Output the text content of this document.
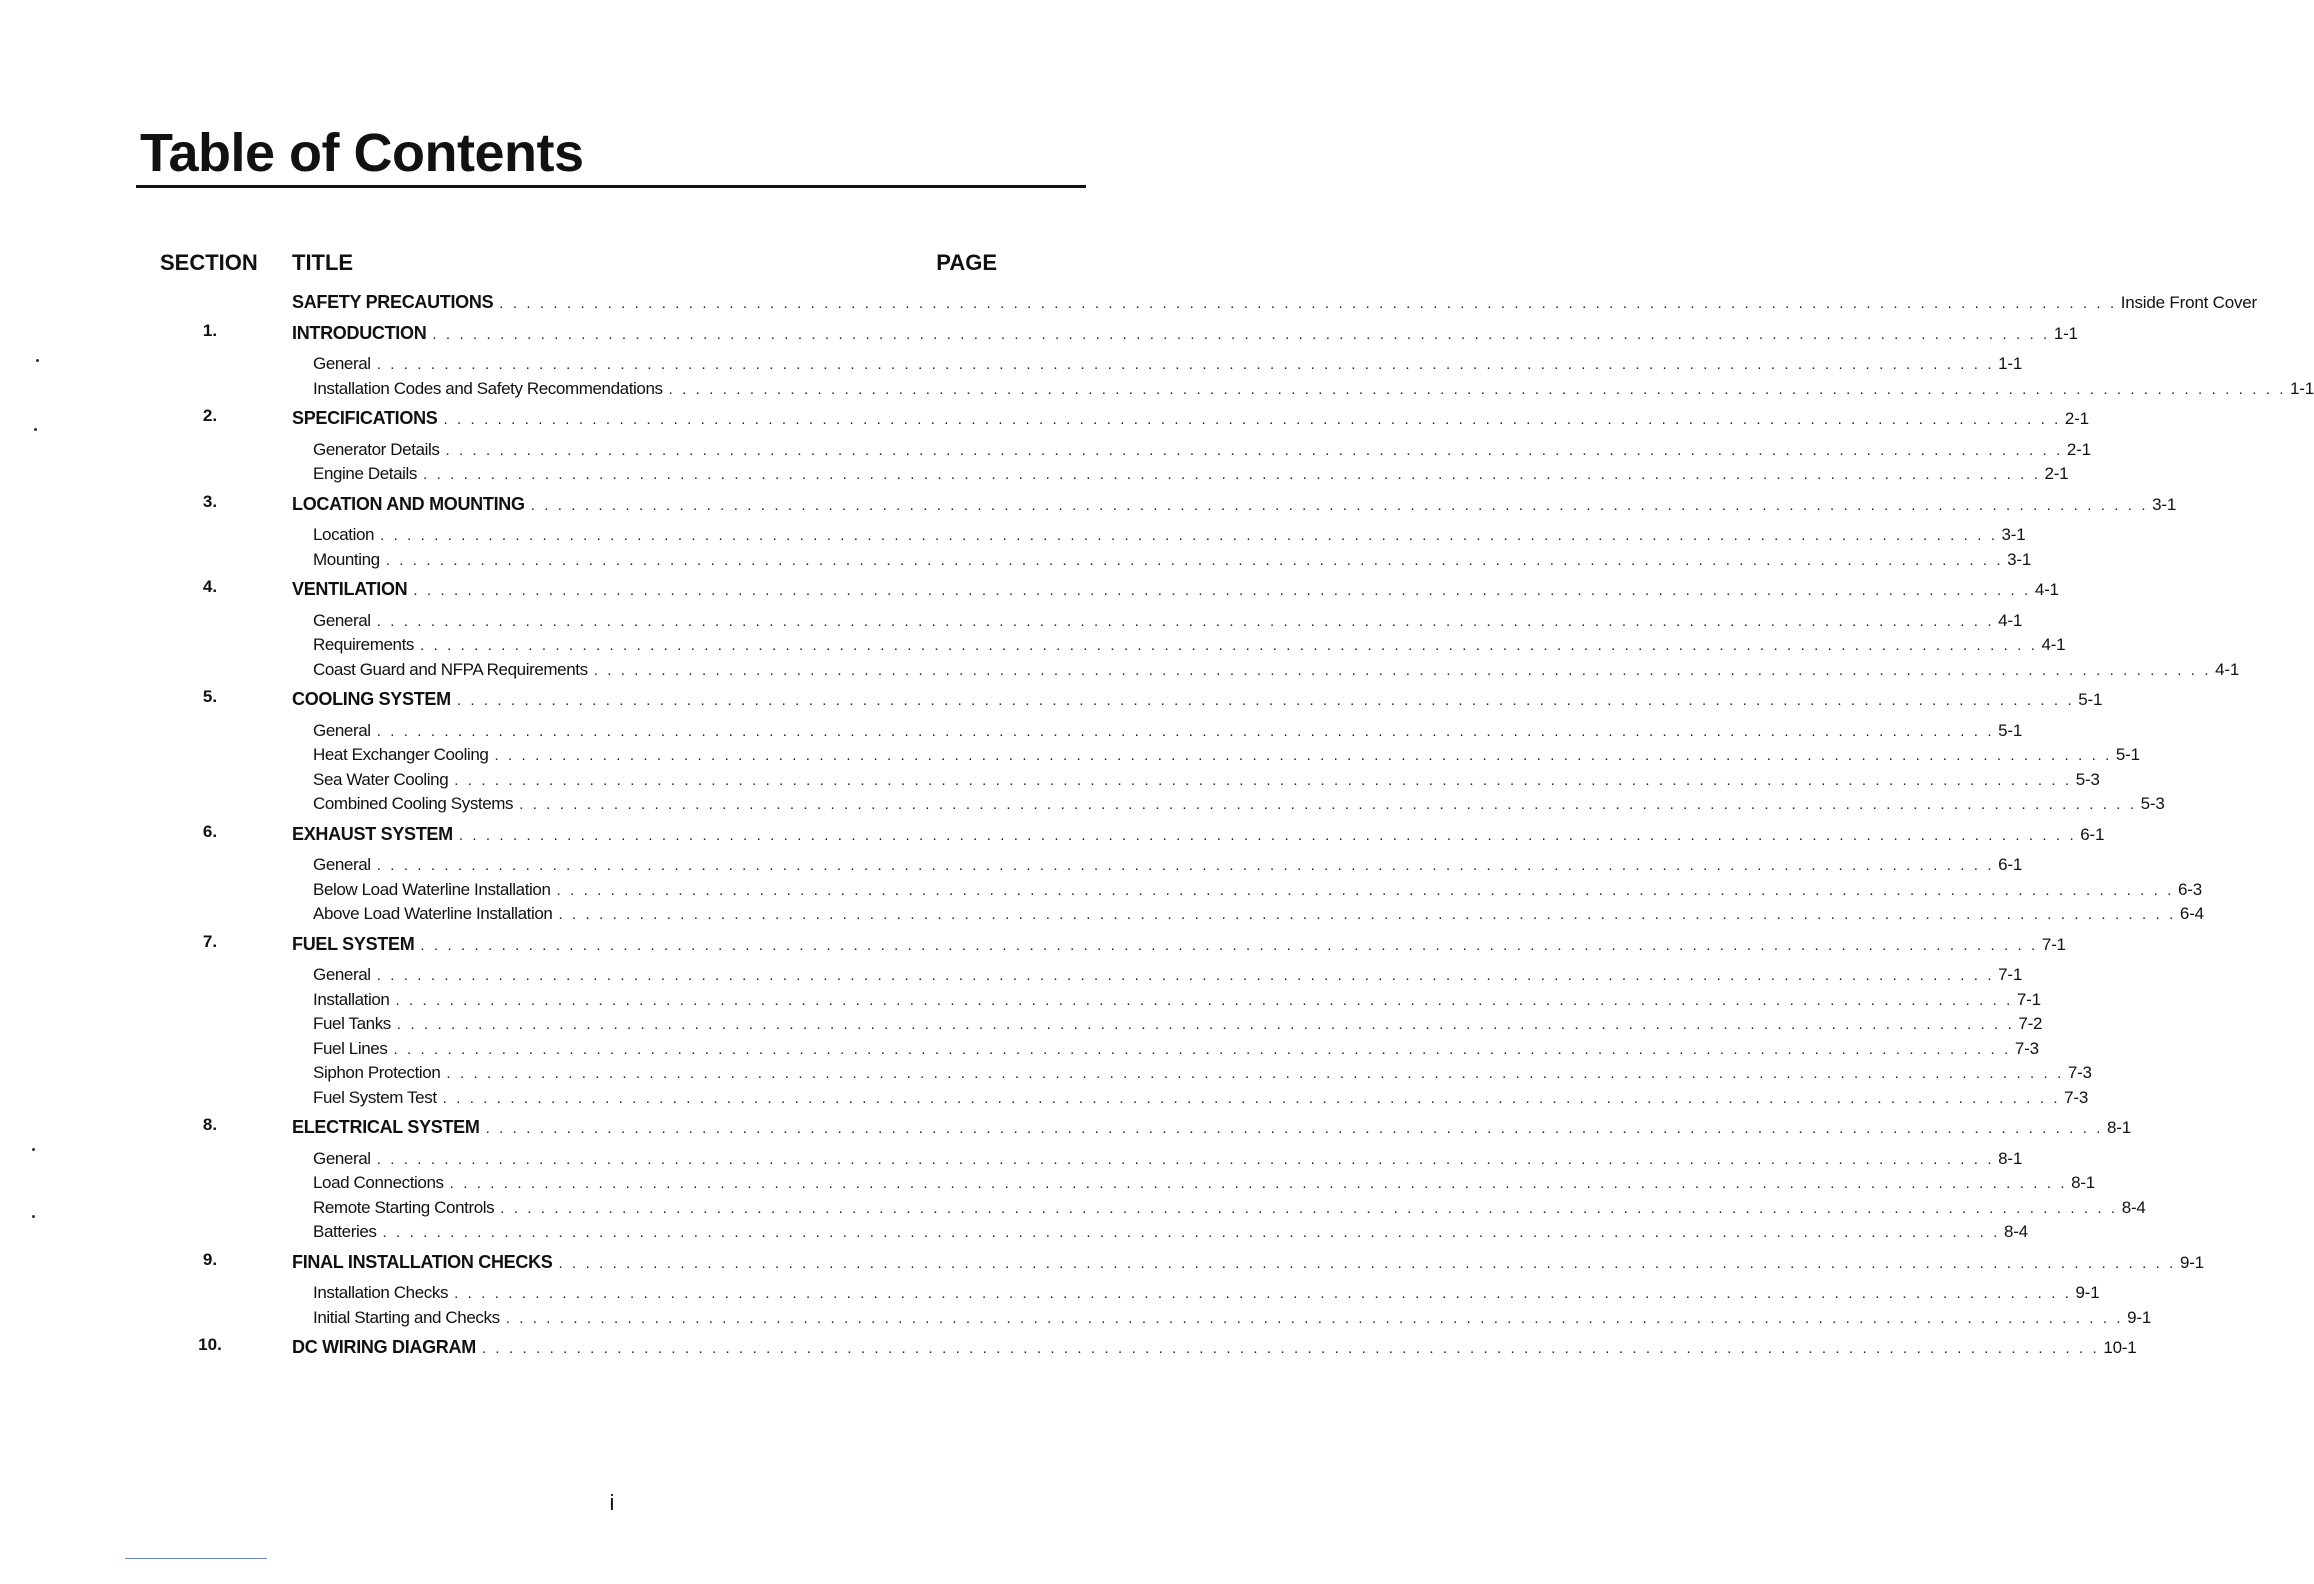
Table of Contents
SECTION TITLE	PAGE
SAFETY PRECAUTIONS . . . . . . . . . . . . . . . . . . . . . . . . . . . . . . . . . . . . . . . . . . . . . . . . . . . . . . . . . . . . . . . . . . . . . . . . . . . . . . . . . . . . . . . . . . . . . . . . . . . . . . . . . . . . . . . . . . . . . . . . Inside Front Cover
1.	INTRODUCTION . . . . . . . . . . . . . . . . . . . . . . . . . . . . . . . . . . . . . . . . . . . . . . . . . . . . . . . . . . . . . . . . . . . . . . . . . . . . . . . . . . . . . . . . . . . . . . . . . . . . . . . . . . . . . . . . . . . . . . . . 1-1
General . . . . . . . . . . . . . . . . . . . . . . . . . . . . . . . . . . . . . . . . . . . . . . . . . . . . . . . . . . . . . . . . . . . . . . . . . . . . . . . . . . . . . . . . . . . . . . . . . . . . . . . . . . . . . . . . . . . . . . . . 1-1
Installation Codes and Safety Recommendations . . . . . . . . . . . . . . . . . . . . . . . . . . . . . . . . . . . . . . . . . . . . . . . . . . . . . . . . . . . . . . . . . . . . . . . . . . . . . . . . . . . . . . . . . . . . . . . . . . . . . . . . . . . . . . . . . . . . . . . . 1-1
2.	SPECIFICATIONS . . . . . . . . . . . . . . . . . . . . . . . . . . . . . . . . . . . . . . . . . . . . . . . . . . . . . . . . . . . . . . . . . . . . . . . . . . . . . . . . . . . . . . . . . . . . . . . . . . . . . . . . . . . . . . . . . . . . . . . . 2-1
Generator Details . . . . . . . . . . . . . . . . . . . . . . . . . . . . . . . . . . . . . . . . . . . . . . . . . . . . . . . . . . . . . . . . . . . . . . . . . . . . . . . . . . . . . . . . . . . . . . . . . . . . . . . . . . . . . . . . . . . . . . . . 2-1
Engine Details . . . . . . . . . . . . . . . . . . . . . . . . . . . . . . . . . . . . . . . . . . . . . . . . . . . . . . . . . . . . . . . . . . . . . . . . . . . . . . . . . . . . . . . . . . . . . . . . . . . . . . . . . . . . . . . . . . . . . . . . 2-1
3.	LOCATION AND MOUNTING . . . . . . . . . . . . . . . . . . . . . . . . . . . . . . . . . . . . . . . . . . . . . . . . . . . . . . . . . . . . . . . . . . . . . . . . . . . . . . . . . . . . . . . . . . . . . . . . . . . . . . . . . . . . . . . . . . . . . . . . 3-1
Location . . . . . . . . . . . . . . . . . . . . . . . . . . . . . . . . . . . . . . . . . . . . . . . . . . . . . . . . . . . . . . . . . . . . . . . . . . . . . . . . . . . . . . . . . . . . . . . . . . . . . . . . . . . . . . . . . . . . . . . . 3-1
Mounting . . . . . . . . . . . . . . . . . . . . . . . . . . . . . . . . . . . . . . . . . . . . . . . . . . . . . . . . . . . . . . . . . . . . . . . . . . . . . . . . . . . . . . . . . . . . . . . . . . . . . . . . . . . . . . . . . . . . . . . . 3-1
4.	VENTILATION . . . . . . . . . . . . . . . . . . . . . . . . . . . . . . . . . . . . . . . . . . . . . . . . . . . . . . . . . . . . . . . . . . . . . . . . . . . . . . . . . . . . . . . . . . . . . . . . . . . . . . . . . . . . . . . . . . . . . . . . 4-1
General . . . . . . . . . . . . . . . . . . . . . . . . . . . . . . . . . . . . . . . . . . . . . . . . . . . . . . . . . . . . . . . . . . . . . . . . . . . . . . . . . . . . . . . . . . . . . . . . . . . . . . . . . . . . . . . . . . . . . . . . 4-1
Requirements . . . . . . . . . . . . . . . . . . . . . . . . . . . . . . . . . . . . . . . . . . . . . . . . . . . . . . . . . . . . . . . . . . . . . . . . . . . . . . . . . . . . . . . . . . . . . . . . . . . . . . . . . . . . . . . . . . . . . . . . 4-1
Coast Guard and NFPA Requirements . . . . . . . . . . . . . . . . . . . . . . . . . . . . . . . . . . . . . . . . . . . . . . . . . . . . . . . . . . . . . . . . . . . . . . . . . . . . . . . . . . . . . . . . . . . . . . . . . . . . . . . . . . . . . . . . . . . . . . . . 4-1
5.	COOLING SYSTEM . . . . . . . . . . . . . . . . . . . . . . . . . . . . . . . . . . . . . . . . . . . . . . . . . . . . . . . . . . . . . . . . . . . . . . . . . . . . . . . . . . . . . . . . . . . . . . . . . . . . . . . . . . . . . . . . . . . . . . . . 5-1
General . . . . . . . . . . . . . . . . . . . . . . . . . . . . . . . . . . . . . . . . . . . . . . . . . . . . . . . . . . . . . . . . . . . . . . . . . . . . . . . . . . . . . . . . . . . . . . . . . . . . . . . . . . . . . . . . . . . . . . . . 5-1
Heat Exchanger Cooling . . . . . . . . . . . . . . . . . . . . . . . . . . . . . . . . . . . . . . . . . . . . . . . . . . . . . . . . . . . . . . . . . . . . . . . . . . . . . . . . . . . . . . . . . . . . . . . . . . . . . . . . . . . . . . . . . . . . . . . . 5-1
Sea Water Cooling . . . . . . . . . . . . . . . . . . . . . . . . . . . . . . . . . . . . . . . . . . . . . . . . . . . . . . . . . . . . . . . . . . . . . . . . . . . . . . . . . . . . . . . . . . . . . . . . . . . . . . . . . . . . . . . . . . . . . . . . 5-3
Combined Cooling Systems . . . . . . . . . . . . . . . . . . . . . . . . . . . . . . . . . . . . . . . . . . . . . . . . . . . . . . . . . . . . . . . . . . . . . . . . . . . . . . . . . . . . . . . . . . . . . . . . . . . . . . . . . . . . . . . . . . . . . . . . 5-3
6.	EXHAUST SYSTEM . . . . . . . . . . . . . . . . . . . . . . . . . . . . . . . . . . . . . . . . . . . . . . . . . . . . . . . . . . . . . . . . . . . . . . . . . . . . . . . . . . . . . . . . . . . . . . . . . . . . . . . . . . . . . . . . . . . . . . . . 6-1
General . . . . . . . . . . . . . . . . . . . . . . . . . . . . . . . . . . . . . . . . . . . . . . . . . . . . . . . . . . . . . . . . . . . . . . . . . . . . . . . . . . . . . . . . . . . . . . . . . . . . . . . . . . . . . . . . . . . . . . . . 6-1
Below Load Waterline Installation . . . . . . . . . . . . . . . . . . . . . . . . . . . . . . . . . . . . . . . . . . . . . . . . . . . . . . . . . . . . . . . . . . . . . . . . . . . . . . . . . . . . . . . . . . . . . . . . . . . . . . . . . . . . . . . . . . . . . . . . 6-3
Above Load Waterline Installation . . . . . . . . . . . . . . . . . . . . . . . . . . . . . . . . . . . . . . . . . . . . . . . . . . . . . . . . . . . . . . . . . . . . . . . . . . . . . . . . . . . . . . . . . . . . . . . . . . . . . . . . . . . . . . . . . . . . . . . . 6-4
7.	FUEL SYSTEM . . . . . . . . . . . . . . . . . . . . . . . . . . . . . . . . . . . . . . . . . . . . . . . . . . . . . . . . . . . . . . . . . . . . . . . . . . . . . . . . . . . . . . . . . . . . . . . . . . . . . . . . . . . . . . . . . . . . . . . . 7-1
General . . . . . . . . . . . . . . . . . . . . . . . . . . . . . . . . . . . . . . . . . . . . . . . . . . . . . . . . . . . . . . . . . . . . . . . . . . . . . . . . . . . . . . . . . . . . . . . . . . . . . . . . . . . . . . . . . . . . . . . . 7-1
Installation . . . . . . . . . . . . . . . . . . . . . . . . . . . . . . . . . . . . . . . . . . . . . . . . . . . . . . . . . . . . . . . . . . . . . . . . . . . . . . . . . . . . . . . . . . . . . . . . . . . . . . . . . . . . . . . . . . . . . . . . 7-1
Fuel Tanks . . . . . . . . . . . . . . . . . . . . . . . . . . . . . . . . . . . . . . . . . . . . . . . . . . . . . . . . . . . . . . . . . . . . . . . . . . . . . . . . . . . . . . . . . . . . . . . . . . . . . . . . . . . . . . . . . . . . . . . . 7-2
Fuel Lines . . . . . . . . . . . . . . . . . . . . . . . . . . . . . . . . . . . . . . . . . . . . . . . . . . . . . . . . . . . . . . . . . . . . . . . . . . . . . . . . . . . . . . . . . . . . . . . . . . . . . . . . . . . . . . . . . . . . . . . . 7-3
Siphon Protection . . . . . . . . . . . . . . . . . . . . . . . . . . . . . . . . . . . . . . . . . . . . . . . . . . . . . . . . . . . . . . . . . . . . . . . . . . . . . . . . . . . . . . . . . . . . . . . . . . . . . . . . . . . . . . . . . . . . . . . . 7-3
Fuel System Test . . . . . . . . . . . . . . . . . . . . . . . . . . . . . . . . . . . . . . . . . . . . . . . . . . . . . . . . . . . . . . . . . . . . . . . . . . . . . . . . . . . . . . . . . . . . . . . . . . . . . . . . . . . . . . . . . . . . . . . . 7-3
8.	ELECTRICAL SYSTEM . . . . . . . . . . . . . . . . . . . . . . . . . . . . . . . . . . . . . . . . . . . . . . . . . . . . . . . . . . . . . . . . . . . . . . . . . . . . . . . . . . . . . . . . . . . . . . . . . . . . . . . . . . . . . . . . . . . . . . . . 8-1
General . . . . . . . . . . . . . . . . . . . . . . . . . . . . . . . . . . . . . . . . . . . . . . . . . . . . . . . . . . . . . . . . . . . . . . . . . . . . . . . . . . . . . . . . . . . . . . . . . . . . . . . . . . . . . . . . . . . . . . . . 8-1
Load Connections . . . . . . . . . . . . . . . . . . . . . . . . . . . . . . . . . . . . . . . . . . . . . . . . . . . . . . . . . . . . . . . . . . . . . . . . . . . . . . . . . . . . . . . . . . . . . . . . . . . . . . . . . . . . . . . . . . . . . . . . 8-1
Remote Starting Controls . . . . . . . . . . . . . . . . . . . . . . . . . . . . . . . . . . . . . . . . . . . . . . . . . . . . . . . . . . . . . . . . . . . . . . . . . . . . . . . . . . . . . . . . . . . . . . . . . . . . . . . . . . . . . . . . . . . . . . . . 8-4
Batteries . . . . . . . . . . . . . . . . . . . . . . . . . . . . . . . . . . . . . . . . . . . . . . . . . . . . . . . . . . . . . . . . . . . . . . . . . . . . . . . . . . . . . . . . . . . . . . . . . . . . . . . . . . . . . . . . . . . . . . . . 8-4
9.	FINAL INSTALLATION CHECKS . . . . . . . . . . . . . . . . . . . . . . . . . . . . . . . . . . . . . . . . . . . . . . . . . . . . . . . . . . . . . . . . . . . . . . . . . . . . . . . . . . . . . . . . . . . . . . . . . . . . . . . . . . . . . . . . . . . . . . . . 9-1
Installation Checks . . . . . . . . . . . . . . . . . . . . . . . . . . . . . . . . . . . . . . . . . . . . . . . . . . . . . . . . . . . . . . . . . . . . . . . . . . . . . . . . . . . . . . . . . . . . . . . . . . . . . . . . . . . . . . . . . . . . . . . . 9-1
Initial Starting and Checks . . . . . . . . . . . . . . . . . . . . . . . . . . . . . . . . . . . . . . . . . . . . . . . . . . . . . . . . . . . . . . . . . . . . . . . . . . . . . . . . . . . . . . . . . . . . . . . . . . . . . . . . . . . . . . . . . . . . . . . . 9-1
10.	DC WIRING DIAGRAM . . . . . . . . . . . . . . . . . . . . . . . . . . . . . . . . . . . . . . . . . . . . . . . . . . . . . . . . . . . . . . . . . . . . . . . . . . . . . . . . . . . . . . . . . . . . . . . . . . . . . . . . . . . . . . . . . . . . . . . . 10-1
i
